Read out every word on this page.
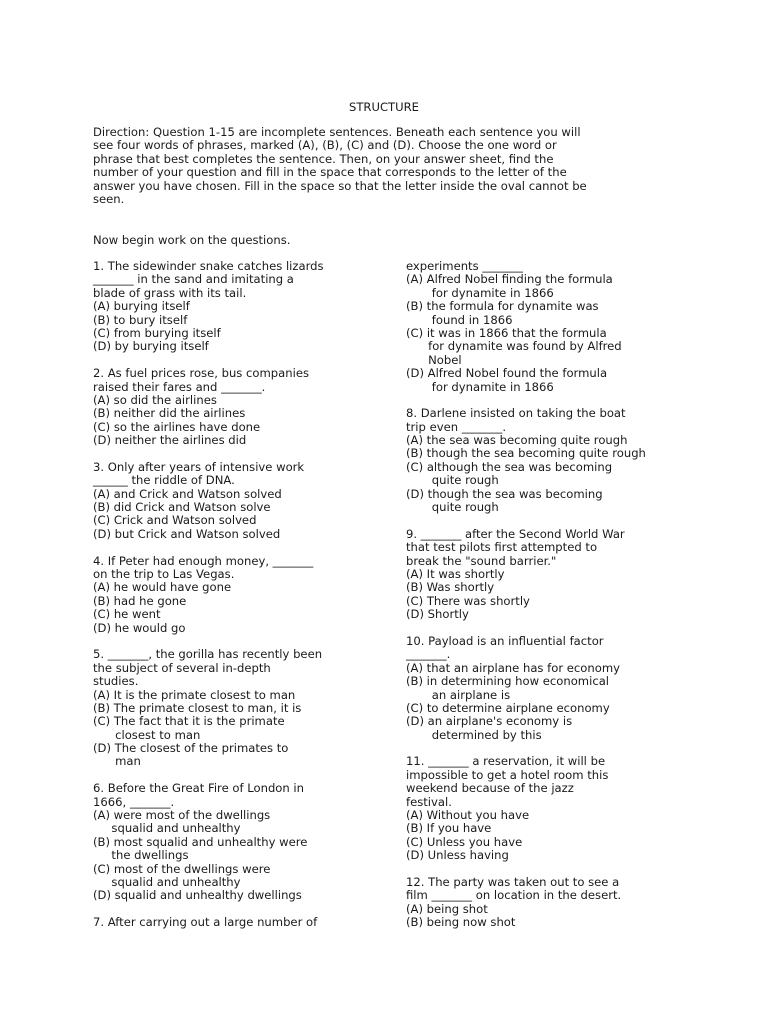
STRUCTURE
Direction: Question 1-15 are incomplete sentences. Beneath each sentence you will
see four words of phrases, marked (A), (B), (C) and (D). Choose the one word or
phrase that best completes the sentence. Then, on your answer sheet, find the
number of your question and fill in the space that corresponds to the letter of the
answer you have chosen. Fill in the space so that the letter inside the oval cannot be
seen.
Now begin work on the questions.
1. The sidewinder snake catches lizards
_______ in the sand and imitating a
blade of grass with its tail.
(A) burying itself
(B) to bury itself
(C) from burying itself
(D) by burying itself
2. As fuel prices rose, bus companies
raised their fares and _______.
(A) so did the airlines
(B) neither did the airlines
(C) so the airlines have done
(D) neither the airlines did
3. Only after years of intensive work
______ the riddle of DNA.
(A) and Crick and Watson solved
(B) did Crick and Watson solve
(C) Crick and Watson solved
(D) but Crick and Watson solved
4. If Peter had enough money, _______
on the trip to Las Vegas.
(A) he would have gone
(B) had he gone
(C) he went
(D) he would go
5. _______, the gorilla has recently been
the subject of several in-depth
studies.
(A) It is the primate closest to man
(B) The primate closest to man, it is
(C) The fact that it is the primate
closest to man
(D) The closest of the primates to
man
6. Before the Great Fire of London in
1666, _______.
(A) were most of the dwellings
squalid and unhealthy
(B) most squalid and unhealthy were
the dwellings
(C) most of the dwellings were
squalid and unhealthy
(D) squalid and unhealthy dwellings
7. After carrying out a large number of
experiments _______
(A) Alfred Nobel finding the formula
for dynamite in 1866
(B) the formula for dynamite was
found in 1866
(C) it was in 1866 that the formula
for dynamite was found by Alfred
Nobel
(D) Alfred Nobel found the formula
for dynamite in 1866
8. Darlene insisted on taking the boat
trip even _______.
(A) the sea was becoming quite rough
(B) though the sea becoming quite rough
(C) although the sea was becoming
quite rough
(D) though the sea was becoming
quite rough
9. _______ after the Second World War
that test pilots first attempted to
break the "sound barrier."
(A) It was shortly
(B) Was shortly
(C) There was shortly
(D) Shortly
10. Payload is an influential factor
_______.
(A) that an airplane has for economy
(B) in determining how economical
an airplane is
(C) to determine airplane economy
(D) an airplane's economy is
determined by this
11. _______ a reservation, it will be
impossible to get a hotel room this
weekend because of the jazz
festival.
(A) Without you have
(B) If you have
(C) Unless you have
(D) Unless having
12. The party was taken out to see a
film _______ on location in the desert.
(A) being shot
(B) being now shot
